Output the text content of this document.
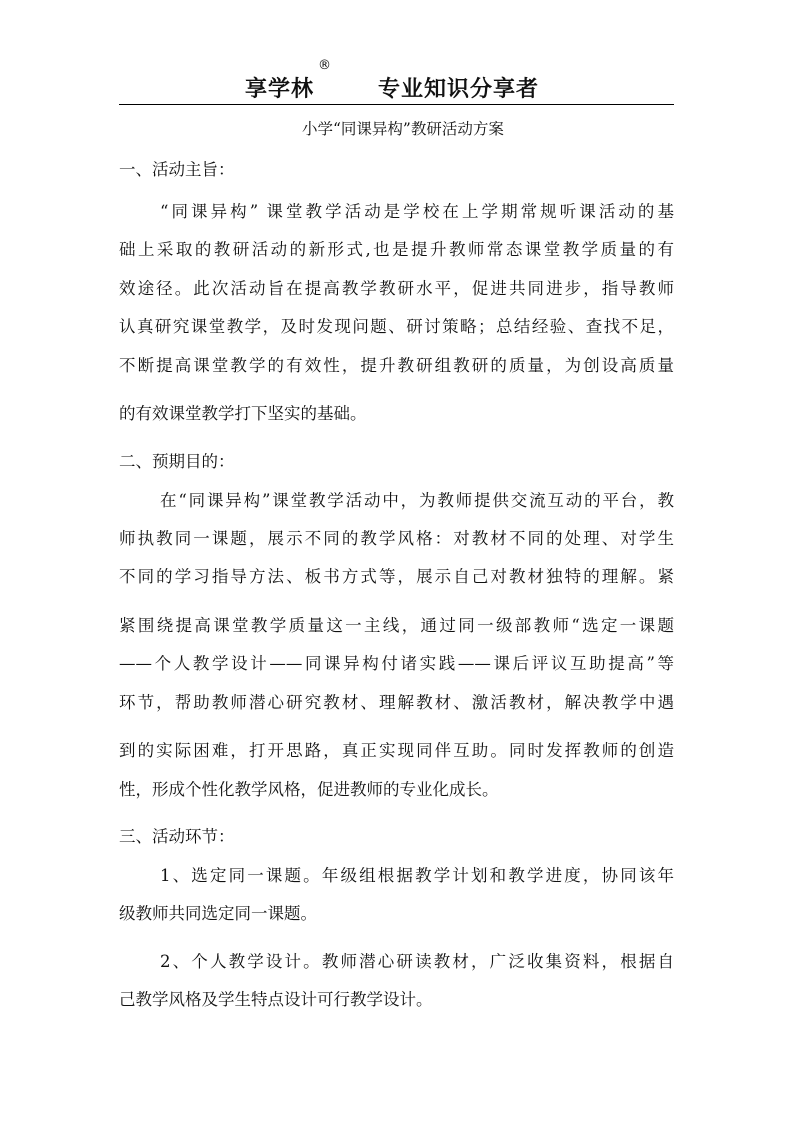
享学林
®
专业知识分享者
小学“同课异构”教研活动方案
一、活动主旨：
“同课异构” 课堂教学活动是学校在上学期常规听课活动的基
础上采取的教研活动的新形式,也是提升教师常态课堂教学质量的有
效途径。此次活动旨在提高教学教研水平，促进共同进步，指导教师
认真研究课堂教学，及时发现问题、研讨策略；总结经验、查找不足，
不断提高课堂教学的有效性，提升教研组教研的质量，为创设高质量
的有效课堂教学打下坚实的基础。
二、预期目的：
在“同课异构”课堂教学活动中，为教师提供交流互动的平台，教
师执教同一课题，展示不同的教学风格：对教材不同的处理、对学生
不同的学习指导方法、板书方式等，展示自己对教材独特的理解。紧
紧围绕提高课堂教学质量这一主线，通过同一级部教师“选定一课题
——个人教学设计——同课异构付诸实践——课后评议互助提高”等
环节，帮助教师潜心研究教材、理解教材、激活教材，解决教学中遇
到的实际困难，打开思路，真正实现同伴互助。同时发挥教师的创造
性，形成个性化教学风格，促进教师的专业化成长。
三、活动环节：
1、选定同一课题。年级组根据教学计划和教学进度，协同该年
级教师共同选定同一课题。
2、个人教学设计。教师潜心研读教材，广泛收集资料，根据自
己教学风格及学生特点设计可行教学设计。
